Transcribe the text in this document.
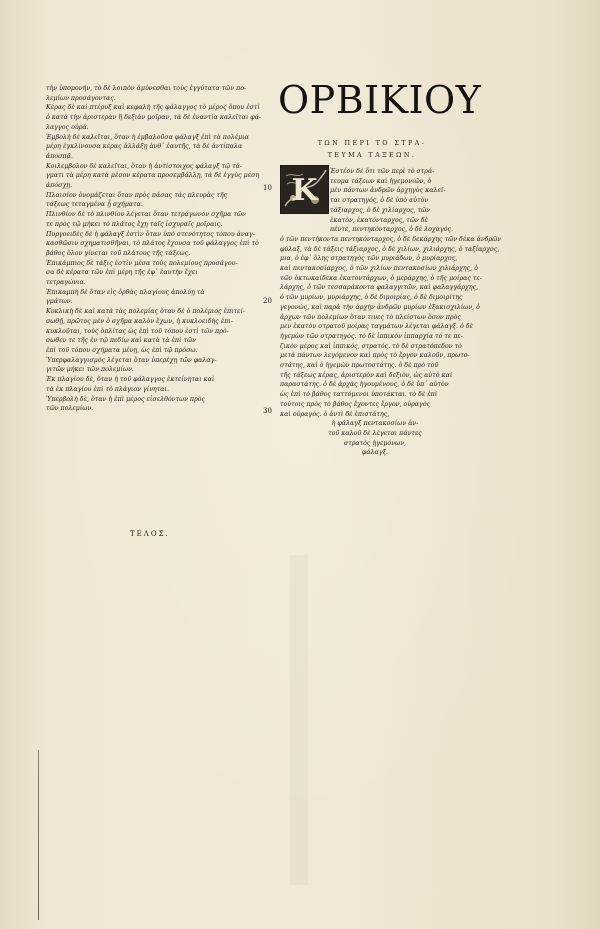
τὴν ὑπομονήν, τὸ δὲ λοιπὸν ἀμύνεσθαι τοὺς ἐγγύτατα τῶν πο-
λεμίων προσάγοντας.
Κέρας δὲ καὶ πτέρυξ καὶ κεφαλὴ τῆς φάλαγγος τὸ μέρος ὅπου ἐστὶ
ὁ κατὰ τὴν ἀριστερὰν ἢ δεξιὰν μοῖραν, τὰ δὲ ἐναντία καλεῖται φά-
λαγγος οὐρά.
Ἐμβολὴ δὲ καλεῖται, ὅταν ἡ ἐμβαλοῦσα φάλαγξ ἐπὶ τὰ πολέμια
μέρη ἐγκλίνουσα κέρας ἀλλάξῃ ἀνθ᾽ ἑαυτῆς, τὰ δὲ ἀντίπαλα
ἀποσπᾷ.
Κοιλεμβολον δὲ καλεῖται, ὅταν ἡ ἀντίστοιχος φάλαγξ τῷ τά-
γματι τὰ μέρη κατὰ μέσον κέρατα προσεμβάλλῃ, τὰ δὲ ἐγγὺς μέση
ἀπόσχῃ.
Πλαισίον ὀνομάζεται ὅταν πρὸς πάσας τὰς πλευρὰς τῆς
τάξεως τεταγμένα ᾖ σχήματα.
Πλινθίον δὲ τὸ πλινθίου λέγεται ὅταν τετράγωνον σχῆμα τῶν
τε πρὸς τῷ μήκει τὸ πλάτος ἔχῃ ταῖς ἰσχυραῖς μοῖραις.
Πυργοειδὲς δὲ ἡ φάλαγξ ἐστὶν ὅταν ὑπὸ στενότητος τόπου ἀναγ-
κασθῶσιν σχηματισθῆναι, τὸ πλάτος ἔχουσα τοῦ φάλαγγος ἐπὶ τὸ
βάθος ὅλον γίνεται τοῦ πλάτους τῆς τάξεως.
Ἐπικάμπιος δὲ τάξις ἐστὶν μέσα τοὺς πολεμίους προσάγου-
σα δὲ κέρατα τῶν ἐπὶ μέρη τῆς ἐφ᾽ ἑαυτὴν ἔχει
τετραγώνια.
Ἐπικαμπὴ δὲ ὅταν εἰς ὀρθὰς πλαγίους ἀπολύῃ τὰ
γμάτων.
Κυκλικὴ δὲ καὶ κατὰ τὰς πολεμίας ὅταν δὲ ὁ πολέμιος ἐπιτεί-
σωθῇ, πρῶτος μὲν ὁ σχῆμα καλὸν ἔχων, ἡ κυκλοειδὴς ἐπι-
κυκλοῦται, τοὺς ὁπλίτας ὡς ἐπὶ τοῦ τόπου ἐστὶ τῶν πρὸ-
σωθεν τε τῆς ἐν τῷ πεδίῳ καὶ κατὰ τὰ ἐπὶ τῶν
ἐπὶ τοῦ τόπου σχήματα μένῃ, ὡς ἐπὶ τῷ πρόσω.
Ὑπερφαλαγγισμὸς λέγεται ὅταν ὑπερέχῃ τῶν φαλαγ-
γιτῶν μήκει τῶν πολεμίων.
Ἐκ πλαγίου δὲ, ὅταν ἡ τοῦ φάλαγγος ἐκτείνηται καὶ
τὰ ἐκ πλαγίου ἐπὶ τὸ πλάγιον γίνηται.
Ὑπερβολὴ δὲ, ὅταν ἡ ἐπὶ μέρος εἰσελθόντων πρὸς
τῶν πολεμίων.
ΤΕΛΟΣ.
ΟΡΒΙΚΙΟΥ
ΤΩΝ ΠΕΡΙ ΤΟ ΣΤΡΑ-
ΤΕΥΜΑ ΤΑΞΕΩΝ.
Κ
Ἐστέον δὲ ὅτι τῶν περὶ τὸ στρά-
τευμα τάξεων καὶ ἡγεμονιῶν, ὁ
μὲν πάντων ἀνδρῶν ἀρχηγὸς καλεῖ-
ται στρατηγός, ὁ δὲ ὑπὸ αὐτὸν
τάξιαρχος, ὁ δὲ χιλίαρχος, τῶν
ἑκατὸν, ἑκατόνταρχος, τῶν δὲ
πέντε, πεντηκόνταρχος, ὁ δὲ λοχαγός.
ὁ τῶν πεντήκοντα πεντηκόνταρχος, ὁ δὲ δεκάρχης τῶν δέκα ἀνδρῶν
φύλαξ, τὰ δὲ τάξεις τάξιαρχος, ὁ δὲ χιλίων, χιλιάρχης, ὁ ταξίαρχος,
μια, ὁ ἐφ᾽ ὅλης στρατηγὸς τῶν μυριάδων, ὁ μυρίαρχος,
καὶ πεντακοσίαρχος, ὁ τῶν χιλίων πεντακοσίων χιλιάρχης, ὁ
τῶν ὀκτωκαίδεκα ἑκατοντάρχων, ὁ μεράρχης, ὁ τῆς μοίρας τε-
λάρχης, ὁ τῶν τεσσαράκοντα φαλαγγιτῶν, καὶ φαλαγγάρχης,
ὁ τῶν μυρίων, μυριάρχης, ὁ δὲ διμοιρίας, ὁ δὲ διμοιρίτης
γεγονὼς, καὶ παρὰ τὴν ἀρχὴν ἀνδρῶν μυρίων ἐξακισχιλίων, ὁ
ἀρχων τῶν πολεμίων ὅταν τινες τὸ πλείστων ὅσον πρὸς
μεν ἑκατὸν στρατοῦ μοίρας ταγμάτων λέγεται φάλαγξ. ὁ δὲ
ἡγεμὼν τῶν στρατηγός. τὸ δὲ ἱππικὸν ἱππαρχία τό τε πε-
ζικὸν μέρος καὶ ἱππικός, στρατός. τὸ δὲ στρατόπεδον τὸ
μετὰ πάντων λεγόμενον καὶ πρὸς τὸ ἔργον καλοῦν, πρωτο-
στάτης, καὶ ὁ ἡγεμὼν πρωτοστάτης. ὁ δὲ πρὸ τοῦ
τῆς τάξεως κέρας, ἀριστερὸν καὶ δεξιὸν, ὡς αὐτὸ καὶ
παραστάτης. ὁ δὲ ἀρχὰς ἡγουμένους, ὁ δὲ ὑπ᾽ αὐτὸν
ὡς ἐπὶ τὸ βάθος ταττόμενοι ὑποτάκται. τὸ δὲ ἐπὶ
τούτοις πρὸς τὸ βάθος ἔχοντες ἔργον, οὐραγὸς
καὶ οὐραγός. ὁ ἀντὶ δὲ ἐπιστάτης,
ἡ φάλαγξ πεντακοσίων ἀν-
τοῦ καλοῦ δὲ λέγεται πάντες
στρατὸς ἡγεμόνων,
φάλαγξ.
10
20
30
